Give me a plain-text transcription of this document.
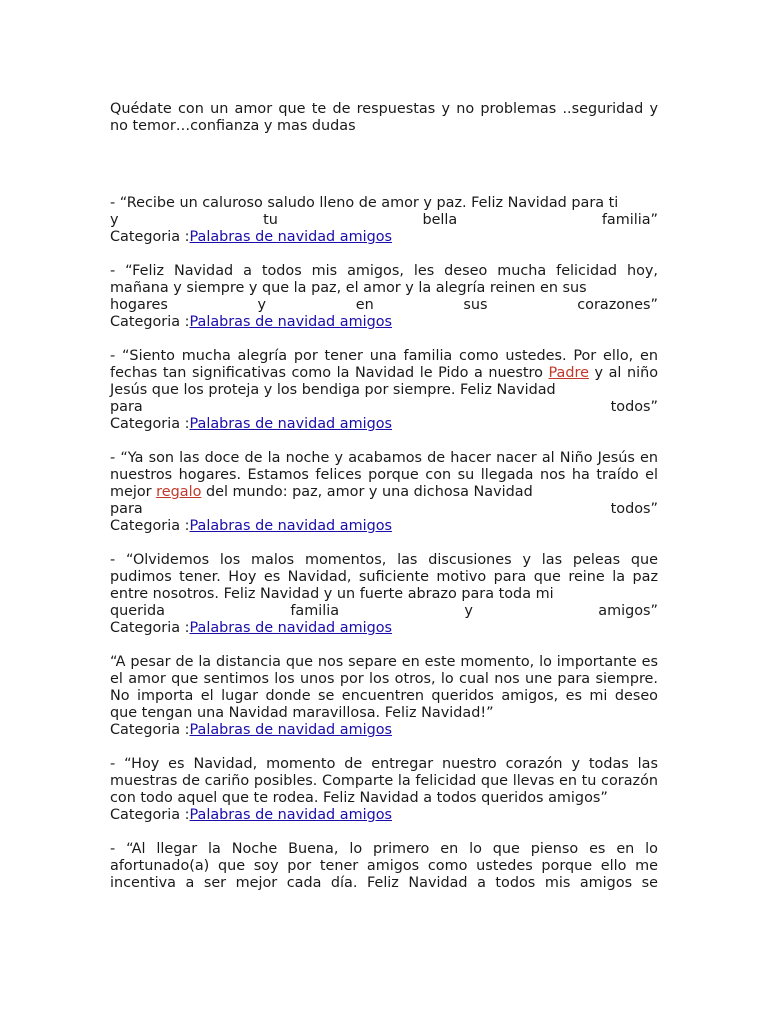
Quédate con un amor que te de respuestas y no problemas ..seguridad y no temor…confianza y mas dudas

- “Recibe un caluroso saludo lleno de amor y paz. Feliz Navidad para ti

y tu bella familia”

Categoria :Palabras de navidad amigos

- “Feliz Navidad a todos mis amigos, les deseo mucha felicidad hoy, mañana y siempre y que la paz, el amor y la alegría reinen en sus

hogares y en sus corazones”

Categoria :Palabras de navidad amigos

- “Siento mucha alegría por tener una familia como ustedes. Por ello, en fechas tan significativas como la Navidad le Pido a nuestro Padre y al niño Jesús que los proteja y los bendiga por siempre. Feliz Navidad

para todos”

Categoria :Palabras de navidad amigos

- “Ya son las doce de la noche y acabamos de hacer nacer al Niño Jesús en nuestros hogares. Estamos felices porque con su llegada nos ha traído el mejor regalo del mundo: paz, amor y una dichosa Navidad

para todos”

Categoria :Palabras de navidad amigos

- “Olvidemos los malos momentos, las discusiones y las peleas que pudimos tener. Hoy es Navidad, suficiente motivo para que reine la paz entre nosotros. Feliz Navidad y un fuerte abrazo para toda mi

querida familia y amigos”

Categoria :Palabras de navidad amigos

“A pesar de la distancia que nos separe en este momento, lo importante es el amor que sentimos los unos por los otros, lo cual nos une para siempre. No importa el lugar donde se encuentren queridos amigos, es mi deseo que tengan una Navidad maravillosa. Feliz Navidad!”

Categoria :Palabras de navidad amigos

- “Hoy es Navidad, momento de entregar nuestro corazón y todas las muestras de cariño posibles. Comparte la felicidad que llevas en tu corazón con todo aquel que te rodea. Feliz Navidad a todos queridos amigos”

Categoria :Palabras de navidad amigos

- “Al llegar la Noche Buena, lo primero en lo que pienso es en lo afortunado(a) que soy por tener amigos como ustedes porque ello me incentiva a ser mejor cada día. Feliz Navidad a todos mis amigos se
